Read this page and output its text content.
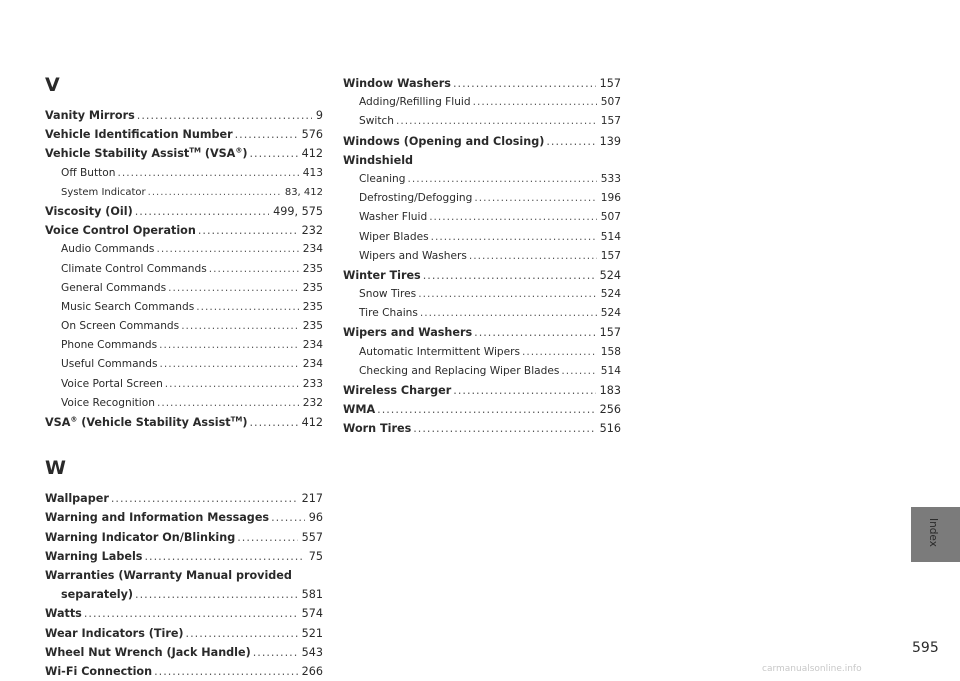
V
Vanity Mirrors .....	9
Vehicle Identification Number .....	576
Vehicle Stability Assist™ (VSA®) .....	412
Off Button .....	413
System Indicator .....	83, 412
Viscosity (Oil) .....	499, 575
Voice Control Operation .....	232
Audio Commands .....	234
Climate Control Commands .....	235
General Commands .....	235
Music Search Commands .....	235
On Screen Commands .....	235
Phone Commands .....	234
Useful Commands .....	234
Voice Portal Screen .....	233
Voice Recognition .....	232
VSA® (Vehicle Stability Assist™) .....	412
W
Wallpaper .....	217
Warning and Information Messages .....	96
Warning Indicator On/Blinking .....	557
Warning Labels .....	75
Warranties (Warranty Manual provided
separately) .....	581
Watts .....	574
Wear Indicators (Tire) .....	521
Wheel Nut Wrench (Jack Handle) .....	543
Wi-Fi Connection .....	266
Window Washers .....	157
Adding/Refilling Fluid .....	507
Switch .....	157
Windows (Opening and Closing) .....	139
Windshield
Cleaning .....	533
Defrosting/Defogging .....	196
Washer Fluid .....	507
Wiper Blades .....	514
Wipers and Washers .....	157
Winter Tires .....	524
Snow Tires .....	524
Tire Chains .....	524
Wipers and Washers .....	157
Automatic Intermittent Wipers .....	158
Checking and Replacing Wiper Blades .....	514
Wireless Charger .....	183
WMA .....	256
Worn Tires .....	516
Index
595
carmanualsonline.info
